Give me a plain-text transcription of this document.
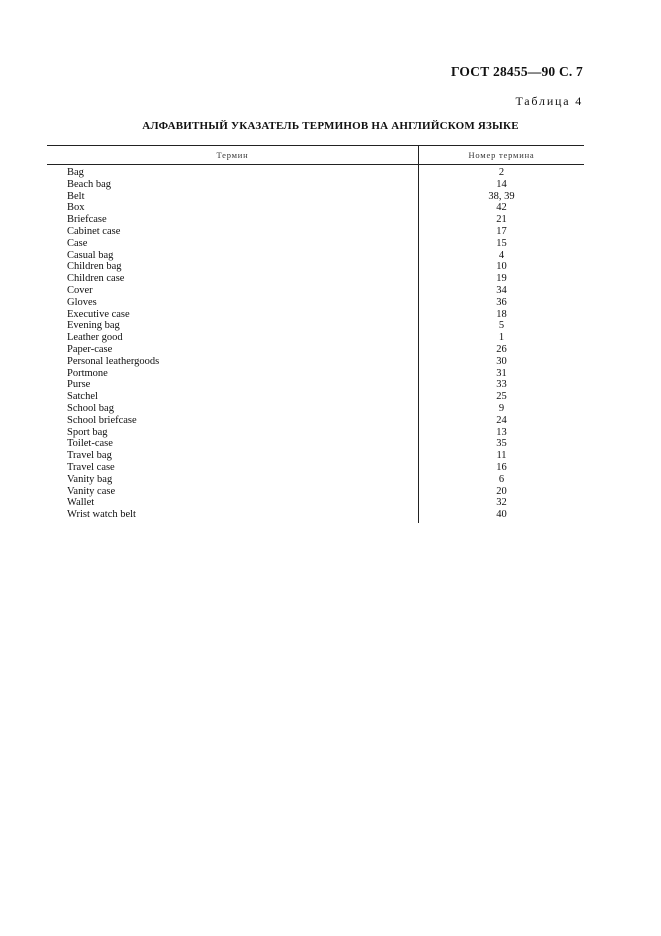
ГОСТ 28455—90 С. 7
Таблица 4
АЛФАВИТНЫЙ УКАЗАТЕЛЬ ТЕРМИНОВ НА АНГЛИЙСКОМ ЯЗЫКЕ
Термин	Номер термина
Bag
Beach bag
Belt
Box
Briefcase
Cabinet case
Case
Casual bag
Children bag
Children case
Cover
Gloves
Executive case
Evening bag
Leather good
Paper-case
Personal leathergoods
Portmone
Purse
Satchel
School bag
School briefcase
Sport bag
Toilet-case
Travel bag
Travel case
Vanity bag
Vanity case
Wallet
Wrist watch belt
2
14
38, 39
42
21
17
15
4
10
19
34
36
18
5
1
26
30
31
33
25
9
24
13
35
11
16
6
20
32
40
